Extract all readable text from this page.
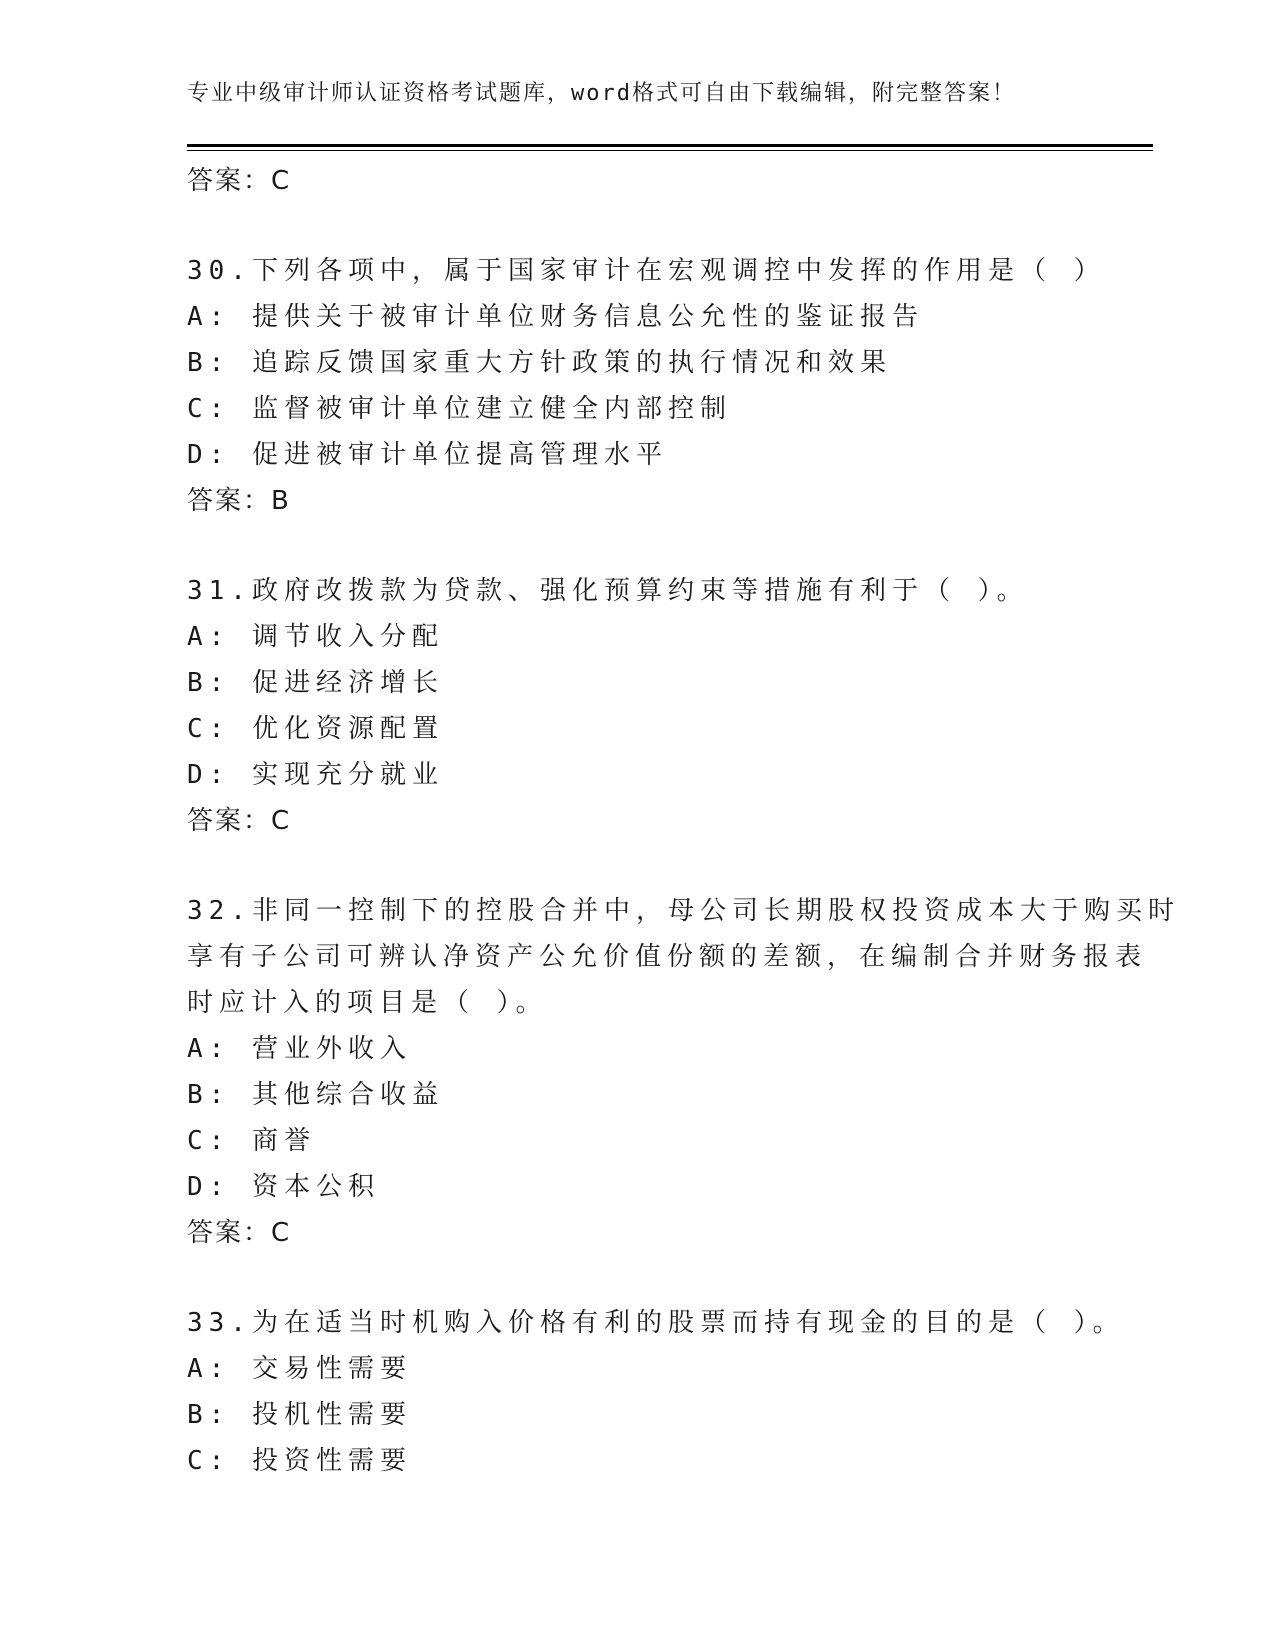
专业中级审计师认证资格考试题库，word格式可自由下载编辑，附完整答案！
答案：C
30.下列各项中，属于国家审计在宏观调控中发挥的作用是（ ）
A: 提供关于被审计单位财务信息公允性的鉴证报告
B: 追踪反馈国家重大方针政策的执行情况和效果
C: 监督被审计单位建立健全内部控制
D: 促进被审计单位提高管理水平
答案：B
31.政府改拨款为贷款、强化预算约束等措施有利于（ ）。
A: 调节收入分配
B: 促进经济增长
C: 优化资源配置
D: 实现充分就业
答案：C
32.非同一控制下的控股合并中，母公司长期股权投资成本大于购买时
享有子公司可辨认净资产公允价值份额的差额，在编制合并财务报表
时应计入的项目是（ ）。
A: 营业外收入
B: 其他综合收益
C: 商誉
D: 资本公积
答案：C
33.为在适当时机购入价格有利的股票而持有现金的目的是（ ）。
A: 交易性需要
B: 投机性需要
C: 投资性需要
